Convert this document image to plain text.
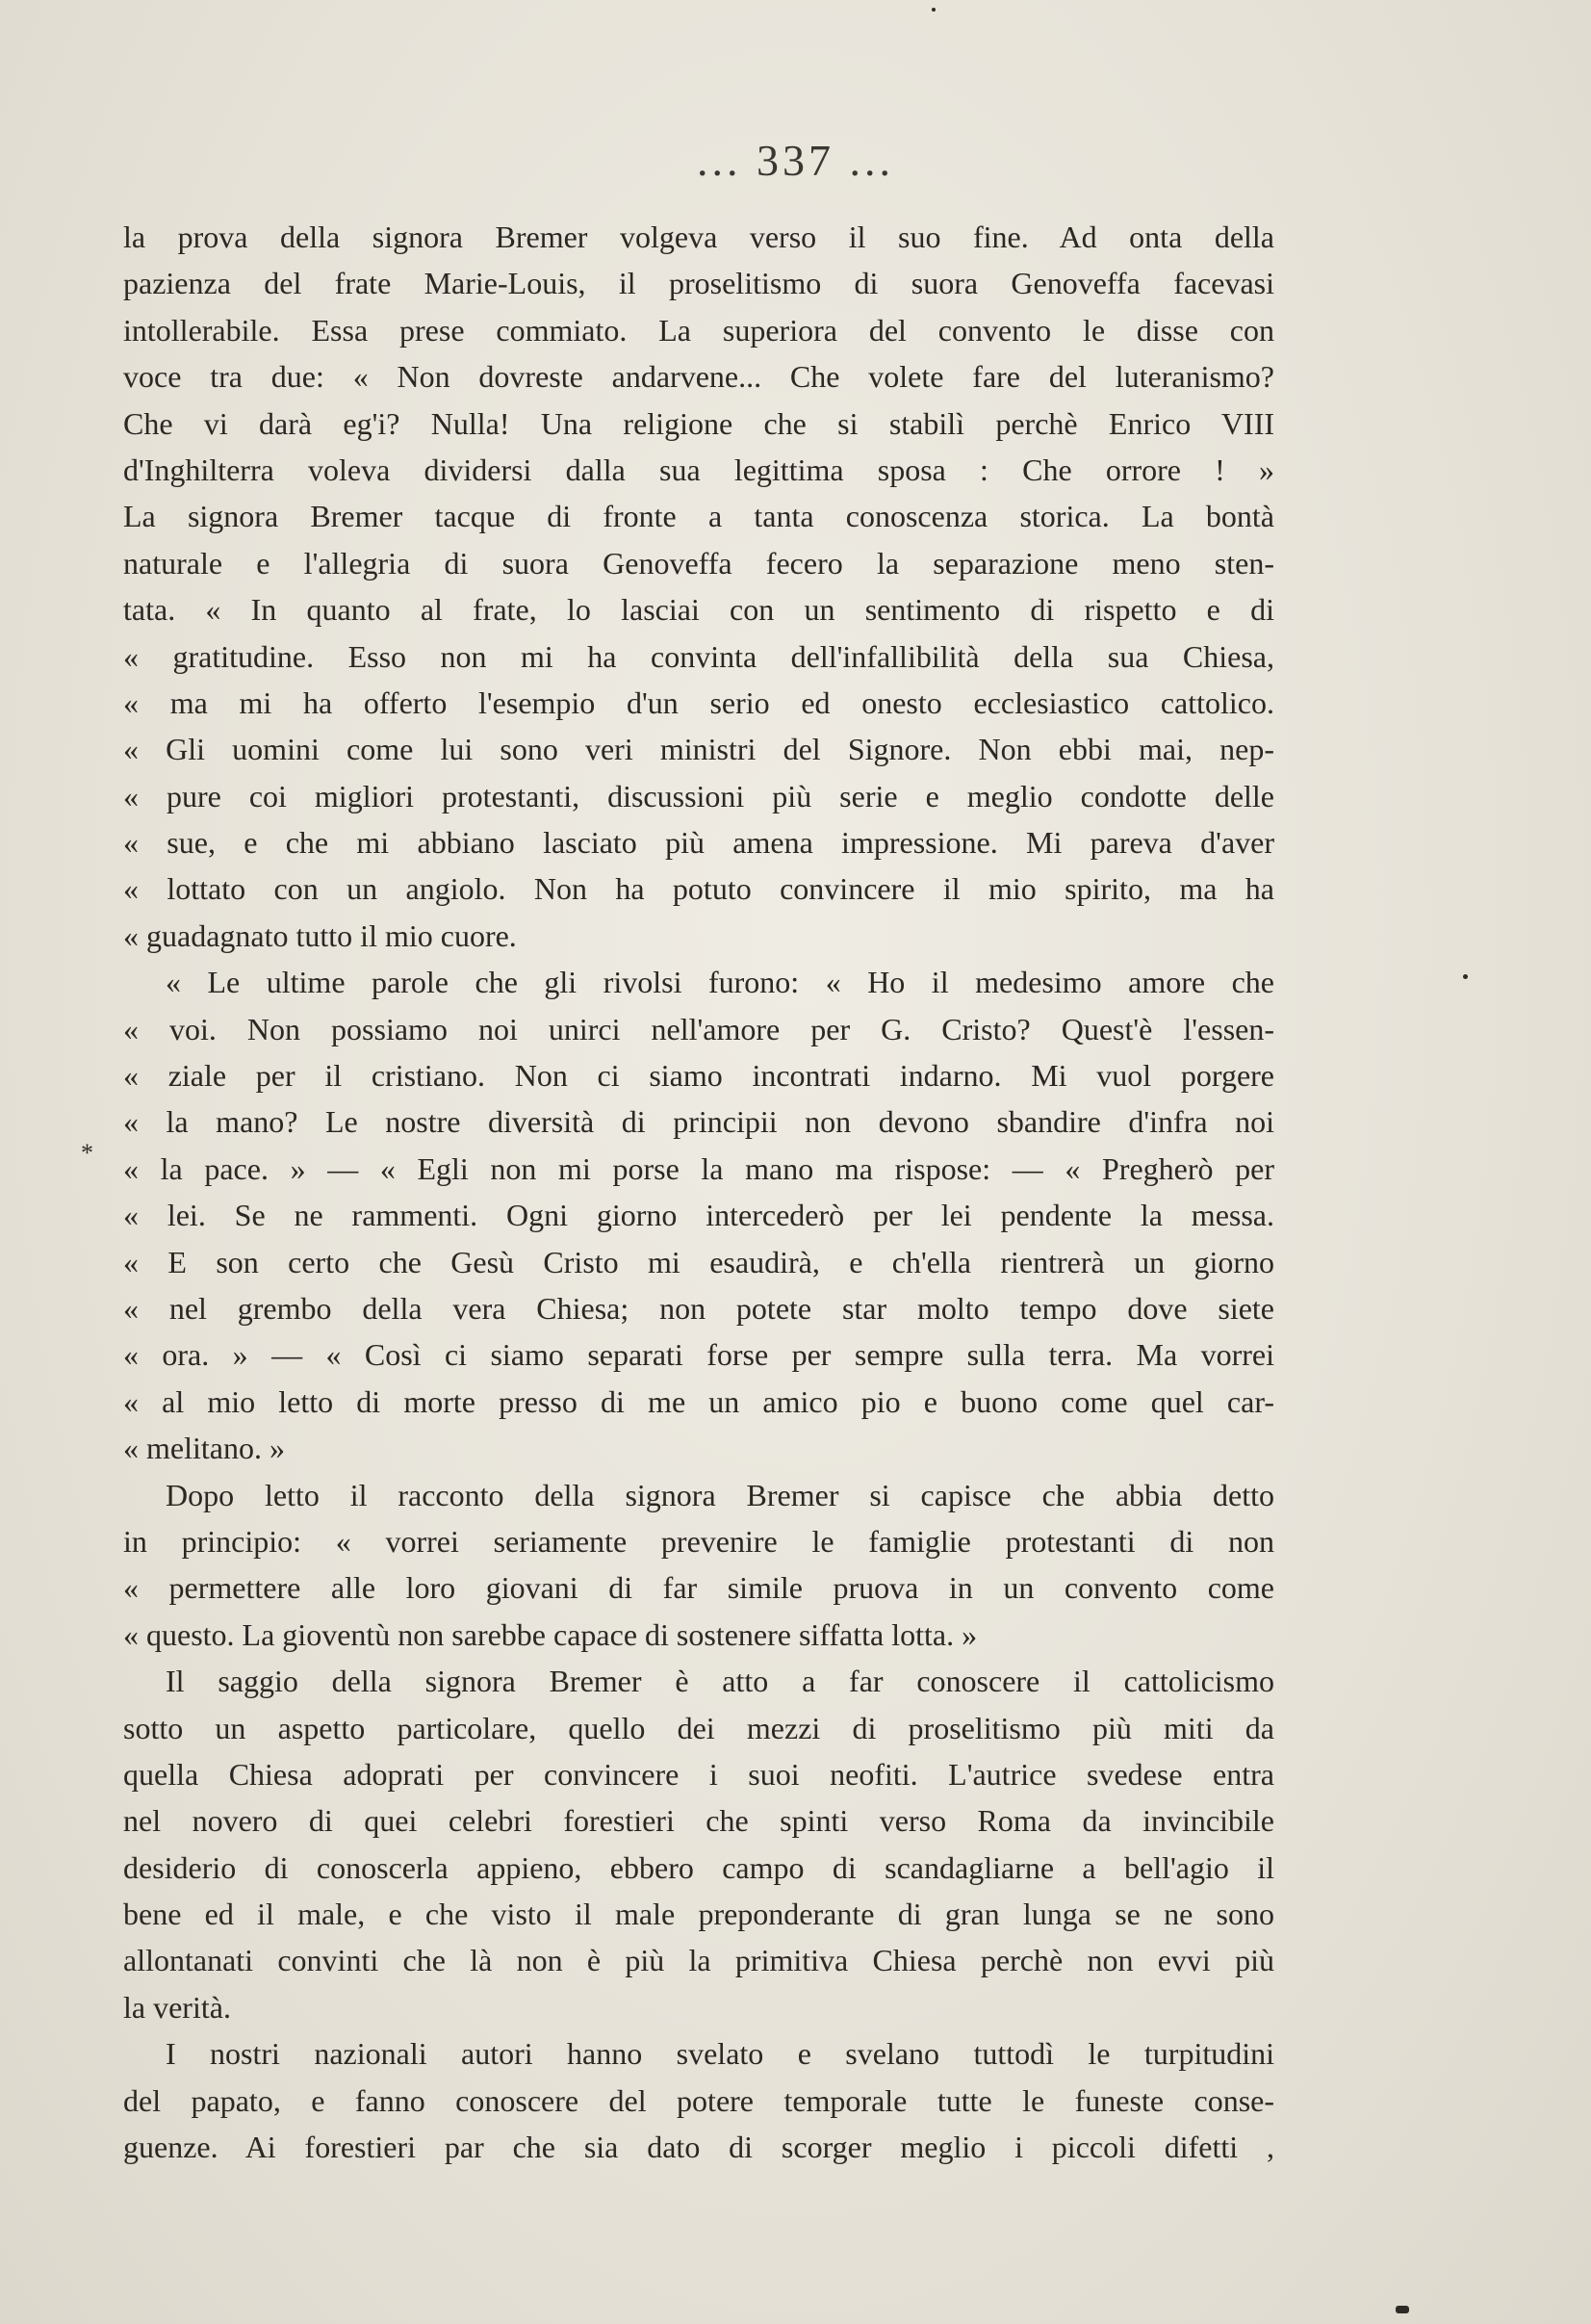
*
... 337 ...
la prova della signora Bremer volgeva verso il suo fine. Ad onta della
pazienza del frate Marie-Louis, il proselitismo di suora Genoveffa facevasi
intollerabile. Essa prese commiato. La superiora del convento le disse con
voce tra due: « Non dovreste andarvene... Che volete fare del luteranismo?
Che vi darà eg'i? Nulla! Una religione che si stabilì perchè Enrico VIII
d'Inghilterra voleva dividersi dalla sua legittima sposa : Che orrore ! »
La signora Bremer tacque di fronte a tanta conoscenza storica. La bontà
naturale e l'allegria di suora Genoveffa fecero la separazione meno sten-
tata. « In quanto al frate, lo lasciai con un sentimento di rispetto e di
« gratitudine. Esso non mi ha convinta dell'infallibilità della sua Chiesa,
« ma mi ha offerto l'esempio d'un serio ed onesto ecclesiastico cattolico.
« Gli uomini come lui sono veri ministri del Signore. Non ebbi mai, nep-
« pure coi migliori protestanti, discussioni più serie e meglio condotte delle
« sue, e che mi abbiano lasciato più amena impressione. Mi pareva d'aver
« lottato con un angiolo. Non ha potuto convincere il mio spirito, ma ha
« guadagnato tutto il mio cuore.
« Le ultime parole che gli rivolsi furono: « Ho il medesimo amore che
« voi. Non possiamo noi unirci nell'amore per G. Cristo? Quest'è l'essen-
« ziale per il cristiano. Non ci siamo incontrati indarno. Mi vuol porgere
« la mano? Le nostre diversità di principii non devono sbandire d'infra noi
« la pace. » — « Egli non mi porse la mano ma rispose: — « Pregherò per
« lei. Se ne rammenti. Ogni giorno intercederò per lei pendente la messa.
« E son certo che Gesù Cristo mi esaudirà, e ch'ella rientrerà un giorno
« nel grembo della vera Chiesa; non potete star molto tempo dove siete
« ora. » — « Così ci siamo separati forse per sempre sulla terra. Ma vorrei
« al mio letto di morte presso di me un amico pio e buono come quel car-
« melitano. »
Dopo letto il racconto della signora Bremer si capisce che abbia detto
in principio: « vorrei seriamente prevenire le famiglie protestanti di non
« permettere alle loro giovani di far simile pruova in un convento come
« questo. La gioventù non sarebbe capace di sostenere siffatta lotta. »
Il saggio della signora Bremer è atto a far conoscere il cattolicismo
sotto un aspetto particolare, quello dei mezzi di proselitismo più miti da
quella Chiesa adoprati per convincere i suoi neofiti. L'autrice svedese entra
nel novero di quei celebri forestieri che spinti verso Roma da invincibile
desiderio di conoscerla appieno, ebbero campo di scandagliarne a bell'agio il
bene ed il male, e che visto il male preponderante di gran lunga se ne sono
allontanati convinti che là non è più la primitiva Chiesa perchè non evvi più
la verità.
I nostri nazionali autori hanno svelato e svelano tuttodì le turpitudini
del papato, e fanno conoscere del potere temporale tutte le funeste conse-
guenze. Ai forestieri par che sia dato di scorger meglio i piccoli difetti ,
